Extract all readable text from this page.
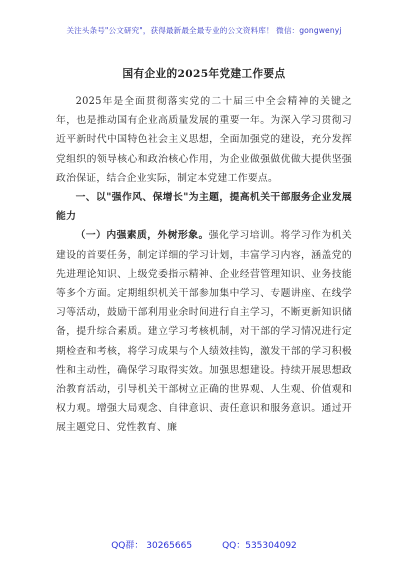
关注头条号"公文研究"，获得最新最全最专业的公文资料库！ 微信：gongwenyj
国有企业的2025年党建工作要点

2025年是全面贯彻落实党的二十届三中全会精神的关键之年，也是推动国有企业高质量发展的重要一年。为深入学习贯彻习近平新时代中国特色社会主义思想，全面加强党的建设，充分发挥党组织的领导核心和政治核心作用，为企业做强做优做大提供坚强政治保证，结合企业实际，制定本党建工作要点。

一、以"强作风、保增长"为主题，提高机关干部服务企业发展能力

（一）内强素质，外树形象。强化学习培训。将学习作为机关建设的首要任务，制定详细的学习计划，丰富学习内容，涵盖党的先进理论知识、上级党委指示精神、企业经营管理知识、业务技能等多个方面。定期组织机关干部参加集中学习、专题讲座、在线学习等活动，鼓励干部利用业余时间进行自主学习，不断更新知识储备，提升综合素质。建立学习考核机制，对干部的学习情况进行定期检查和考核，将学习成果与个人绩效挂钩，激发干部的学习积极性和主动性，确保学习取得实效。加强思想建设。持续开展思想政治教育活动，引导机关干部树立正确的世界观、人生观、价值观和权力观。增强大局观念、自律意识、责任意识和服务意识。通过开展主题党日、党性教育、廉

QQ群： 30265665	QQ：535304092
